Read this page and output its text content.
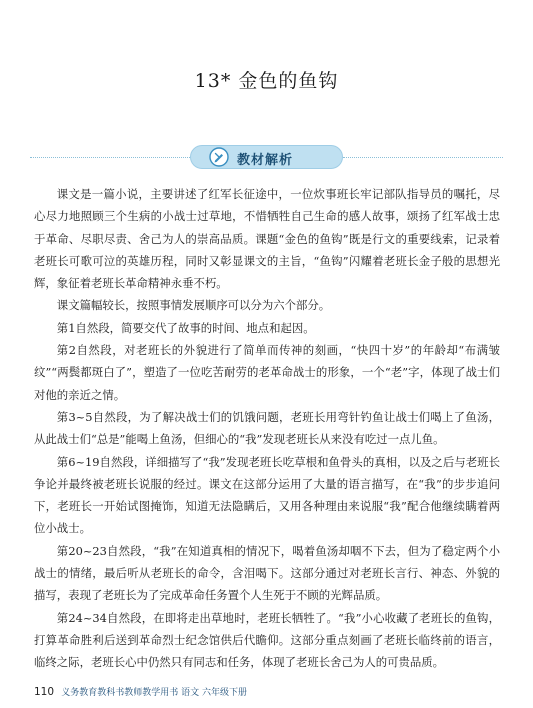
13* 金色的鱼钩
教材解析

课文是一篇小说，主要讲述了红军长征途中，一位炊事班长牢记部队指导员的嘱托，尽心尽力地照顾三个生病的小战士过草地，不惜牺牲自己生命的感人故事，颂扬了红军战士忠于革命、尽职尽责、舍己为人的崇高品质。课题“金色的鱼钩”既是行文的重要线索，记录着老班长可歌可泣的英雄历程，同时又彰显课文的主旨，“鱼钩”闪耀着老班长金子般的思想光辉，象征着老班长革命精神永垂不朽。

课文篇幅较长，按照事情发展顺序可以分为六个部分。

第1自然段，简要交代了故事的时间、地点和起因。

第2自然段，对老班长的外貌进行了简单而传神的刻画，“快四十岁”的年龄却“布满皱纹”“两鬓都斑白了”，塑造了一位吃苦耐劳的老革命战士的形象，一个“老”字，体现了战士们对他的亲近之情。

第3~5自然段，为了解决战士们的饥饿问题，老班长用弯针钓鱼让战士们喝上了鱼汤，从此战士们“总是”能喝上鱼汤，但细心的“我”发现老班长从来没有吃过一点儿鱼。

第6~19自然段，详细描写了“我”发现老班长吃草根和鱼骨头的真相，以及之后与老班长争论并最终被老班长说服的经过。课文在这部分运用了大量的语言描写，在“我”的步步追问下，老班长一开始试图掩饰，知道无法隐瞒后，又用各种理由来说服“我”配合他继续瞒着两位小战士。

第20~23自然段，“我”在知道真相的情况下，喝着鱼汤却咽不下去，但为了稳定两个小战士的情绪，最后听从老班长的命令，含泪喝下。这部分通过对老班长言行、神态、外貌的描写，表现了老班长为了完成革命任务置个人生死于不顾的光辉品质。

第24~34自然段，在即将走出草地时，老班长牺牲了。“我”小心收藏了老班长的鱼钩，打算革命胜利后送到革命烈士纪念馆供后代瞻仰。这部分重点刻画了老班长临终前的语言，临终之际，老班长心中仍然只有同志和任务，体现了老班长舍己为人的可贵品质。

110 义务教育教科书教师教学用书 语文 六年级下册
